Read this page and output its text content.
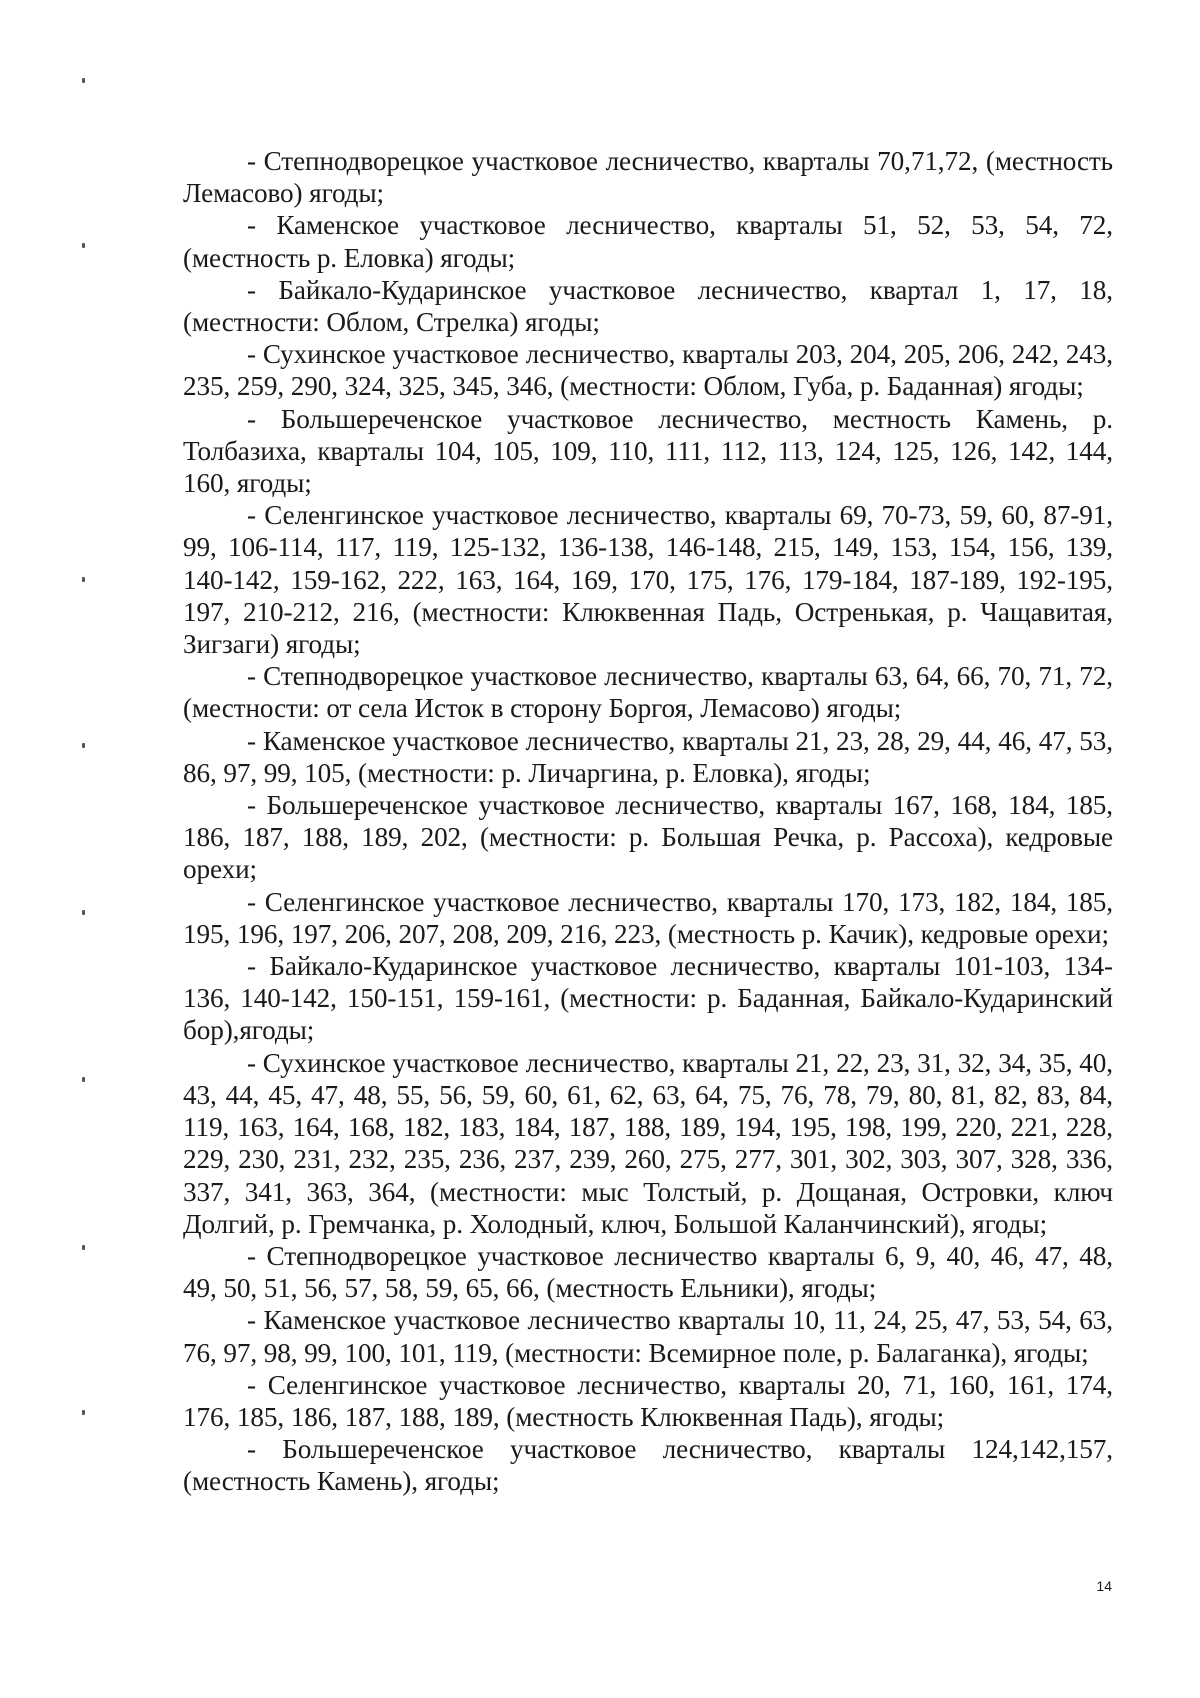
- Степнодворецкое участковое лесничество, кварталы 70,71,72, (местность Лемасово) ягоды;

- Каменское участковое лесничество, кварталы 51, 52, 53, 54, 72, (местность р. Еловка) ягоды;

- Байкало-Кударинское участковое лесничество, квартал 1, 17, 18, (местности: Облом, Стрелка) ягоды;

- Сухинское участковое лесничество, кварталы 203, 204, 205, 206, 242, 243, 235, 259, 290, 324, 325, 345, 346, (местности: Облом, Губа, р. Баданная) ягоды;

- Большереченское участковое лесничество, местность Камень, р. Толбазиха, кварталы 104, 105, 109, 110, 111, 112, 113, 124, 125, 126, 142, 144, 160, ягоды;

- Селенгинское участковое лесничество, кварталы 69, 70-73, 59, 60, 87-91, 99, 106-114, 117, 119, 125-132, 136-138, 146-148, 215, 149, 153, 154, 156, 139, 140-142, 159-162, 222, 163, 164, 169, 170, 175, 176, 179-184, 187-189, 192-195, 197, 210-212, 216, (местности: Клюквенная Падь, Остренькая, р. Чащавитая, Зигзаги) ягоды;

- Степнодворецкое участковое лесничество, кварталы 63, 64, 66, 70, 71, 72, (местности: от села Исток в сторону Боргоя, Лемасово) ягоды;

- Каменское участковое лесничество, кварталы 21, 23, 28, 29, 44, 46, 47, 53, 86, 97, 99, 105, (местности: р. Личаргина, р. Еловка), ягоды;

- Большереченское участковое лесничество, кварталы 167, 168, 184, 185, 186, 187, 188, 189, 202, (местности: р. Большая Речка, р. Рассоха), кедровые орехи;

- Селенгинское участковое лесничество, кварталы 170, 173, 182, 184, 185, 195, 196, 197, 206, 207, 208, 209, 216, 223, (местность р. Качик), кедровые орехи;

- Байкало-Кударинское участковое лесничество, кварталы 101-103, 134-136, 140-142, 150-151, 159-161, (местности: р. Баданная, Байкало-Кударинский бор),ягоды;

- Сухинское участковое лесничество, кварталы 21, 22, 23, 31, 32, 34, 35, 40, 43, 44, 45, 47, 48, 55, 56, 59, 60, 61, 62, 63, 64, 75, 76, 78, 79, 80, 81, 82, 83, 84, 119, 163, 164, 168, 182, 183, 184, 187, 188, 189, 194, 195, 198, 199, 220, 221, 228, 229, 230, 231, 232, 235, 236, 237, 239, 260, 275, 277, 301, 302, 303, 307, 328, 336, 337, 341, 363, 364, (местности: мыс Толстый, р. Дощаная, Островки, ключ Долгий, р. Гремчанка, р. Холодный, ключ, Большой Каланчинский), ягоды;

- Степнодворецкое участковое лесничество кварталы 6, 9, 40, 46, 47, 48, 49, 50, 51, 56, 57, 58, 59, 65, 66, (местность Ельники), ягоды;

- Каменское участковое лесничество кварталы 10, 11, 24, 25, 47, 53, 54, 63, 76, 97, 98, 99, 100, 101, 119, (местности: Всемирное поле, р. Балаганка), ягоды;

- Селенгинское участковое лесничество, кварталы 20, 71, 160, 161, 174, 176, 185, 186, 187, 188, 189, (местность Клюквенная Падь), ягоды;

- Большереченское участковое лесничество, кварталы 124,142,157, (местность Камень), ягоды;

14
